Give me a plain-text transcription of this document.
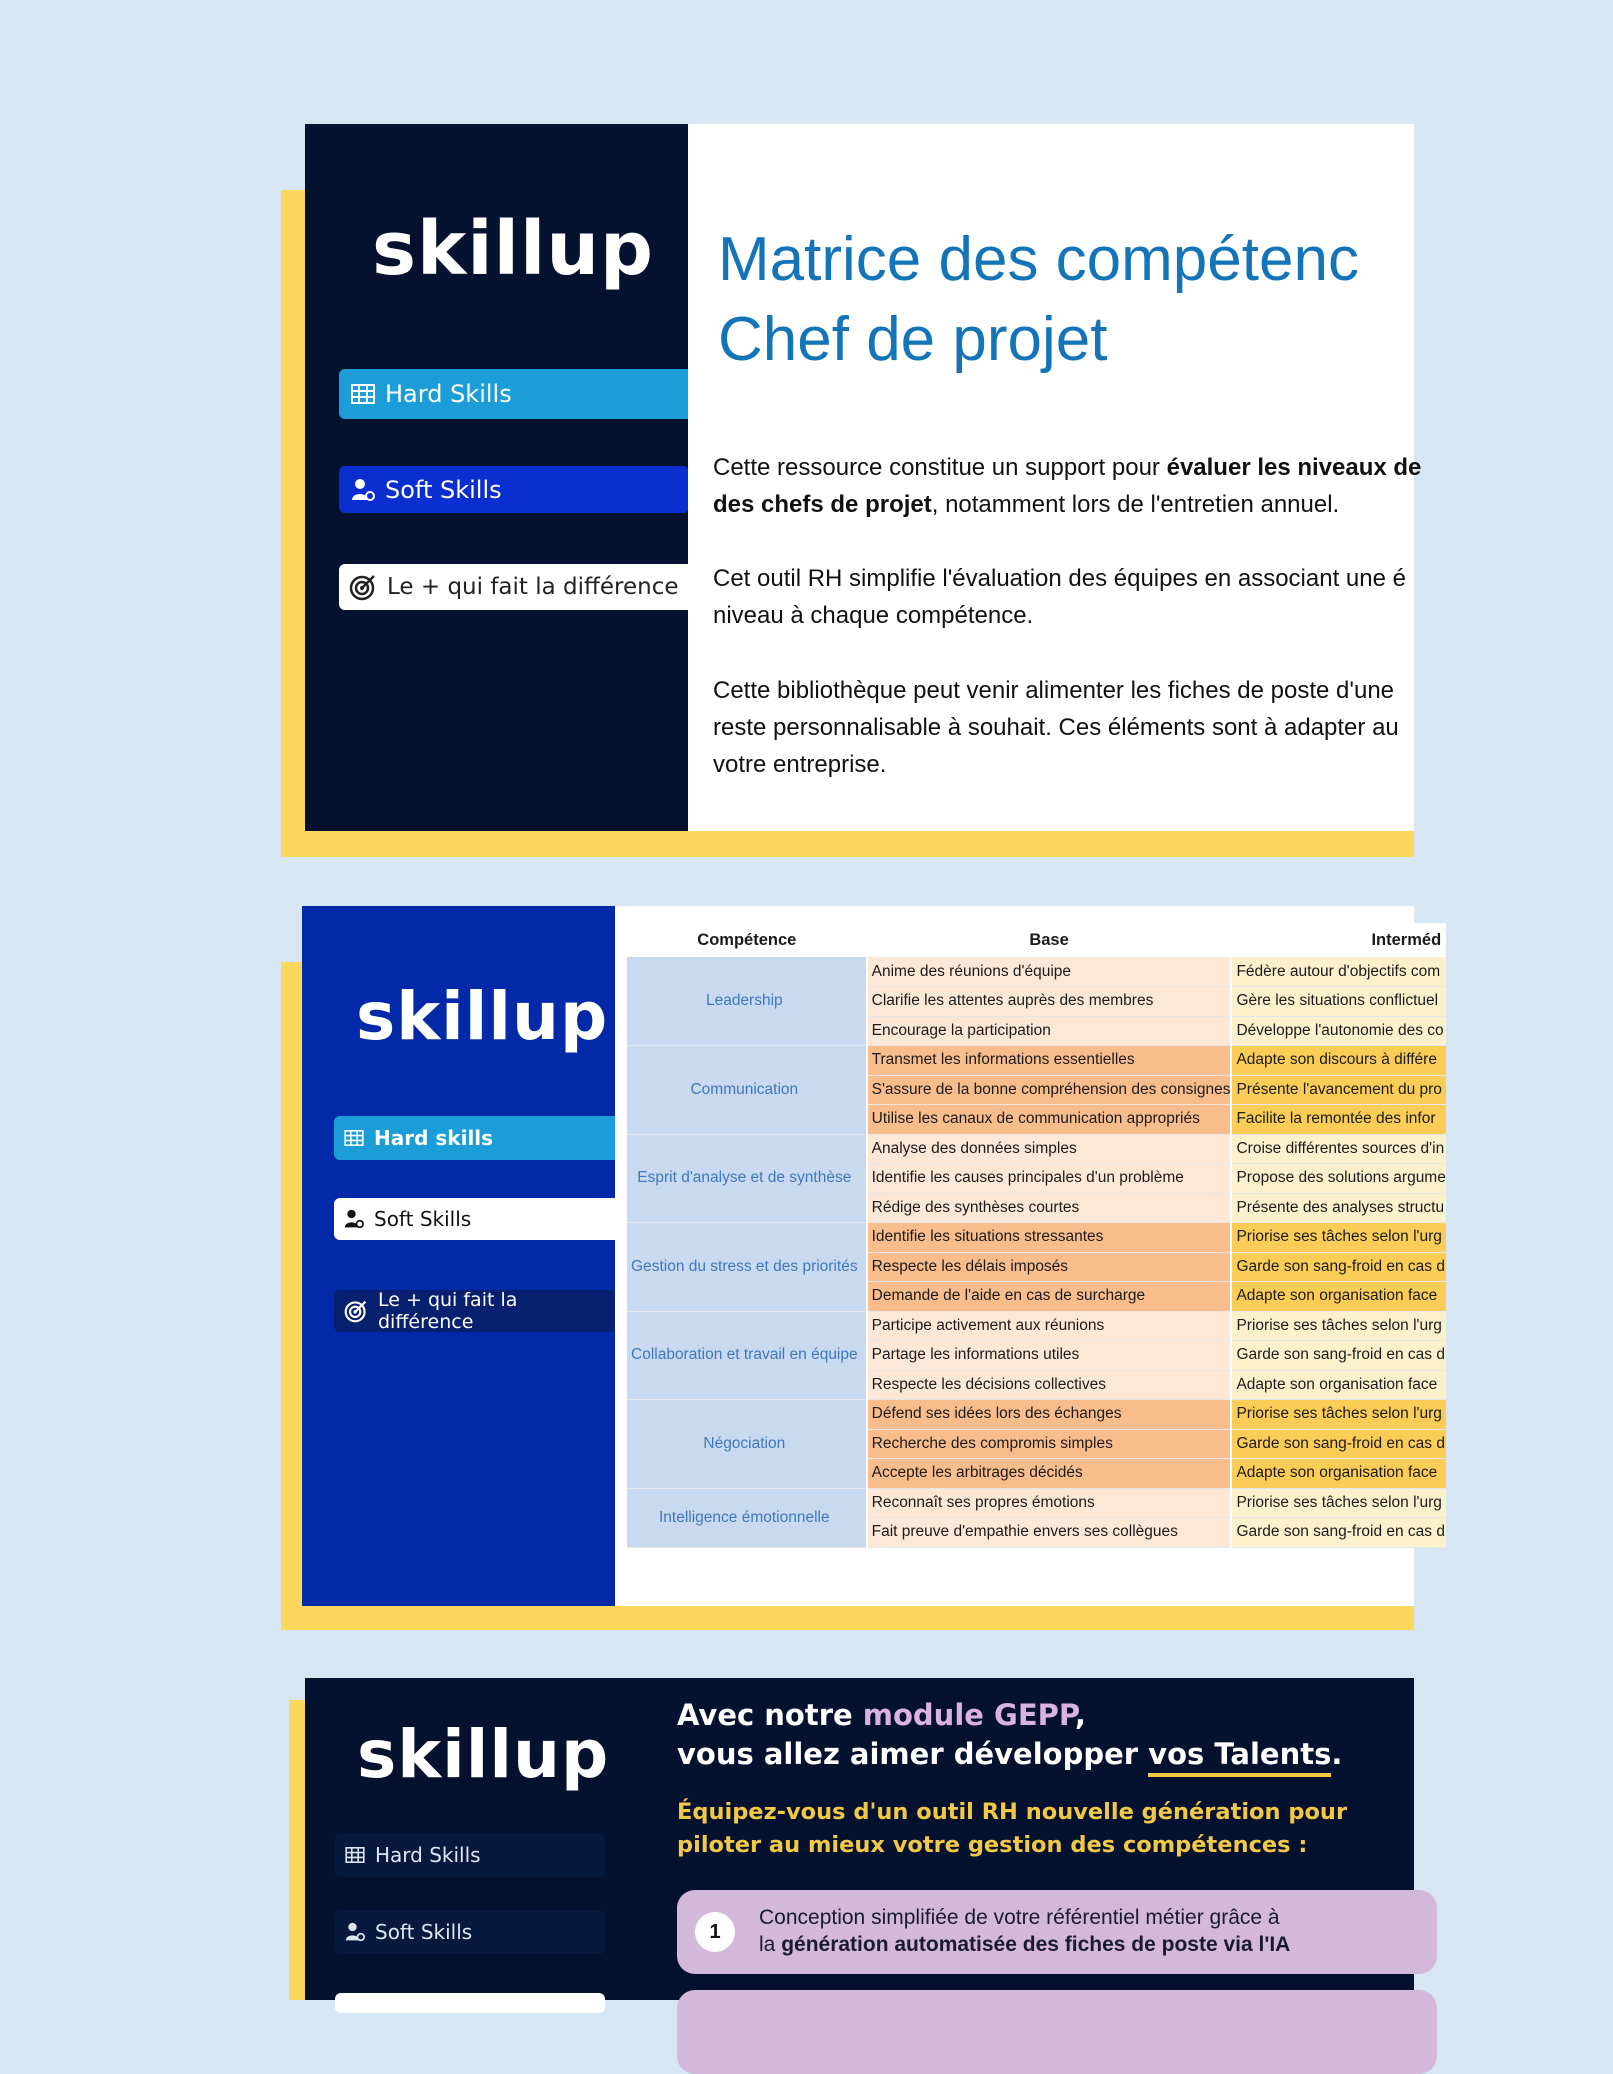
skillup
Hard Skills
Soft Skills
Le + qui fait la différence
Matrice des compétenc
Chef de projet
Cette ressource constitue un support pour évaluer les niveaux de
des chefs de projet, notamment lors de l'entretien annuel.
Cet outil RH simplifie l'évaluation des équipes en associant une é
niveau à chaque compétence.
Cette bibliothèque peut venir alimenter les fiches de poste d'une
reste personnalisable à souhait. Ces éléments sont à adapter au
votre entreprise.
skillup
Hard skills
Soft Skills
Le + qui fait la différence
Compétence	Base	Interméd
Leadership	Anime des réunions d'équipe	Fédère autour d'objectifs com
	Clarifie les attentes auprès des membres	Gère les situations conflictuel
	Encourage la participation	Développe l'autonomie des co
Communication	Transmet les informations essentielles	Adapte son discours à différe
	S'assure de la bonne compréhension des consignes	Présente l'avancement du pro
	Utilise les canaux de communication appropriés	Facilite la remontée des infor
Esprit d'analyse et de synthèse	Analyse des données simples	Croise différentes sources d'in
	Identifie les causes principales d'un problème	Propose des solutions argume
	Rédige des synthèses courtes	Présente des analyses structu
Gestion du stress et des priorités	Identifie les situations stressantes	Priorise ses tâches selon l'urg
	Respecte les délais imposés	Garde son sang-froid en cas d
	Demande de l'aide en cas de surcharge	Adapte son organisation face
Collaboration et travail en équipe	Participe activement aux réunions	Priorise ses tâches selon l'urg
	Partage les informations utiles	Garde son sang-froid en cas d
	Respecte les décisions collectives	Adapte son organisation face
Négociation	Défend ses idées lors des échanges	Priorise ses tâches selon l'urg
	Recherche des compromis simples	Garde son sang-froid en cas d
	Accepte les arbitrages décidés	Adapte son organisation face
Intelligence émotionnelle	Reconnaît ses propres émotions	Priorise ses tâches selon l'urg
	Fait preuve d'empathie envers ses collègues	Garde son sang-froid en cas d
skillup
Hard Skills
Soft Skills
Avec notre module GEPP,
vous allez aimer développer vos Talents.
Équipez-vous d'un outil RH nouvelle génération pour
piloter au mieux votre gestion des compétences :
1
Conception simplifiée de votre référentiel métier grâce à
la génération automatisée des fiches de poste via l'IA
